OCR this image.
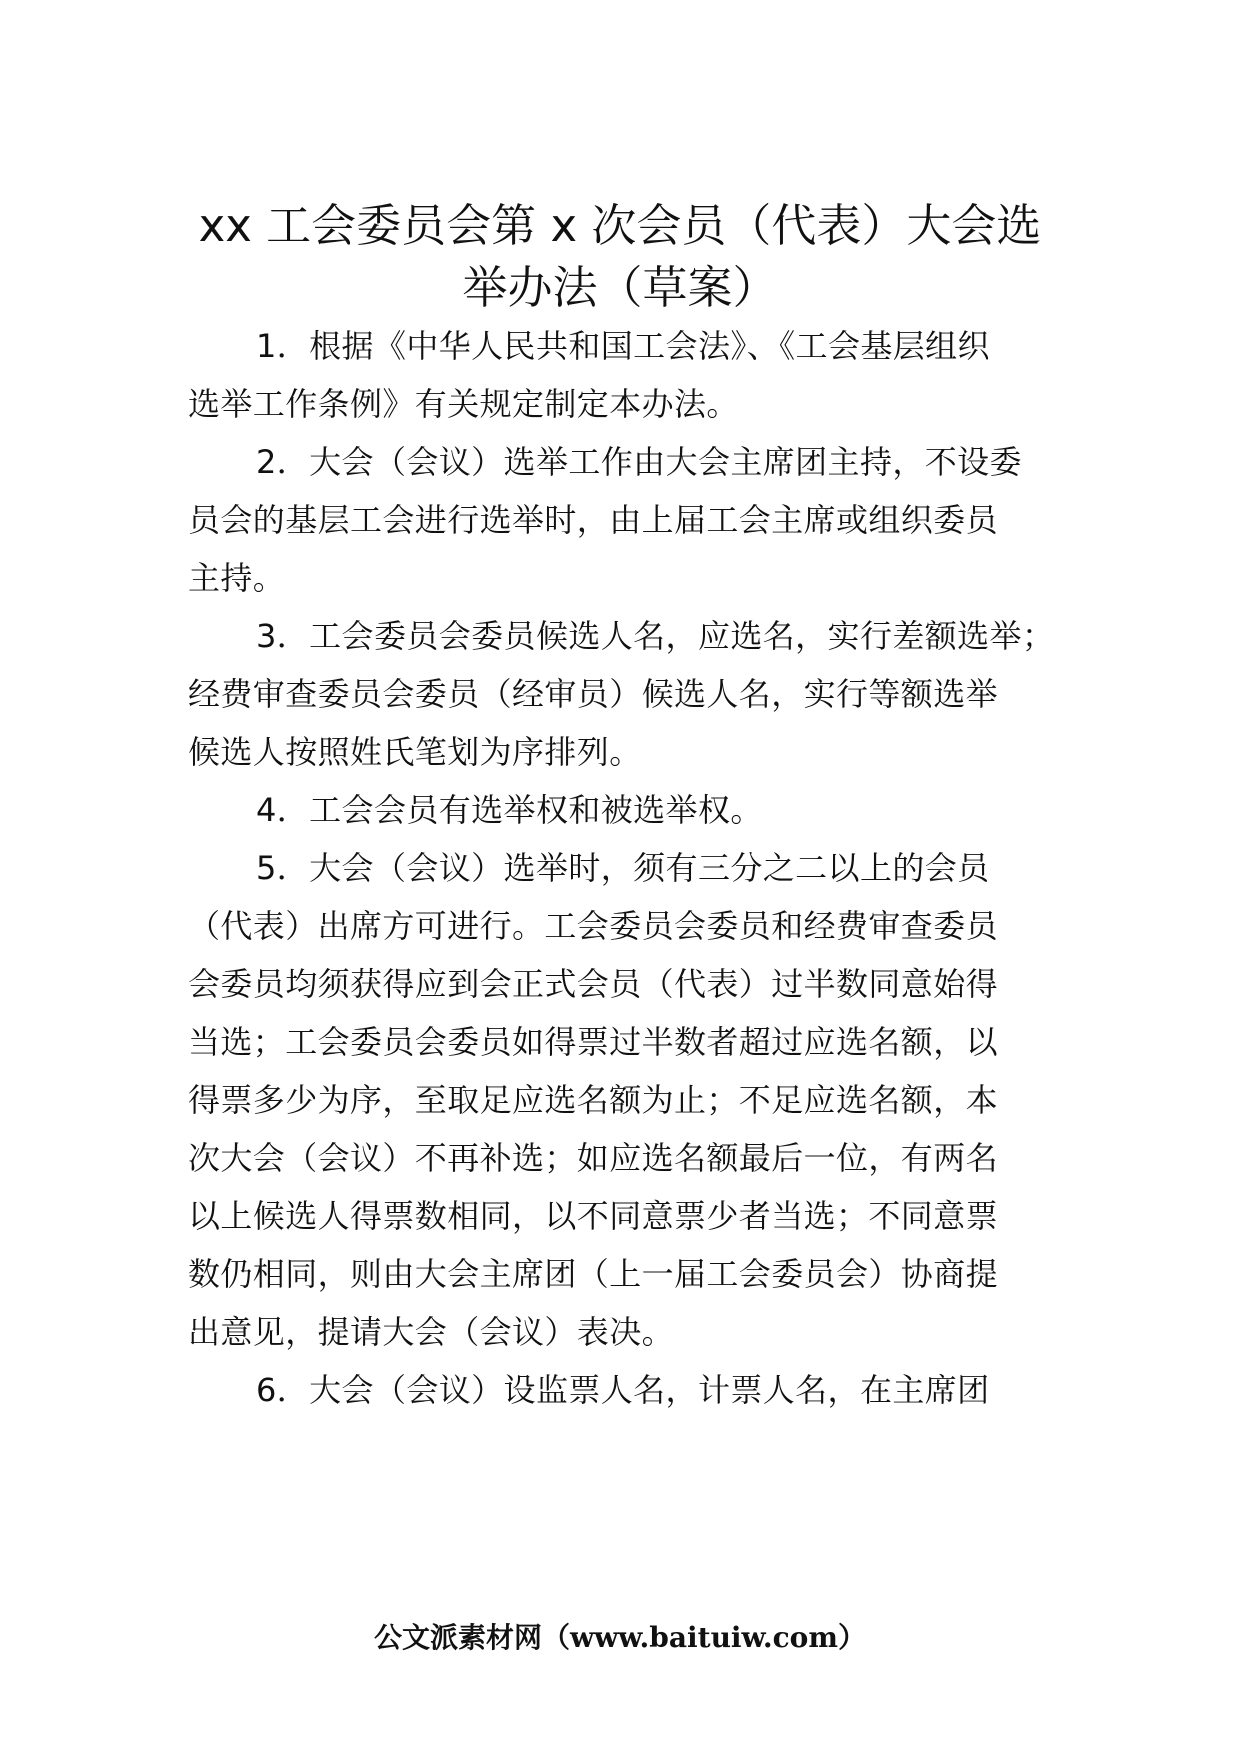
xx 工会委员会第 x 次会员（代表）大会选
举办法（草案）
1．根据《中华人民共和国工会法》、《工会基层组织
选举工作条例》有关规定制定本办法。
2．大会（会议）选举工作由大会主席团主持，不设委
员会的基层工会进行选举时，由上届工会主席或组织委员
主持。
3．工会委员会委员候选人名，应选名，实行差额选举；
经费审查委员会委员（经审员）候选人名，实行等额选举
候选人按照姓氏笔划为序排列。
4．工会会员有选举权和被选举权。
5．大会（会议）选举时，须有三分之二以上的会员
（代表）出席方可进行。工会委员会委员和经费审查委员
会委员均须获得应到会正式会员（代表）过半数同意始得
当选；工会委员会委员如得票过半数者超过应选名额，以
得票多少为序，至取足应选名额为止；不足应选名额，本
次大会（会议）不再补选；如应选名额最后一位，有两名
以上候选人得票数相同，以不同意票少者当选；不同意票
数仍相同，则由大会主席团（上一届工会委员会）协商提
出意见，提请大会（会议）表决。
6．大会（会议）设监票人名，计票人名，在主席团
公文派素材网（www.baituiw.com）
